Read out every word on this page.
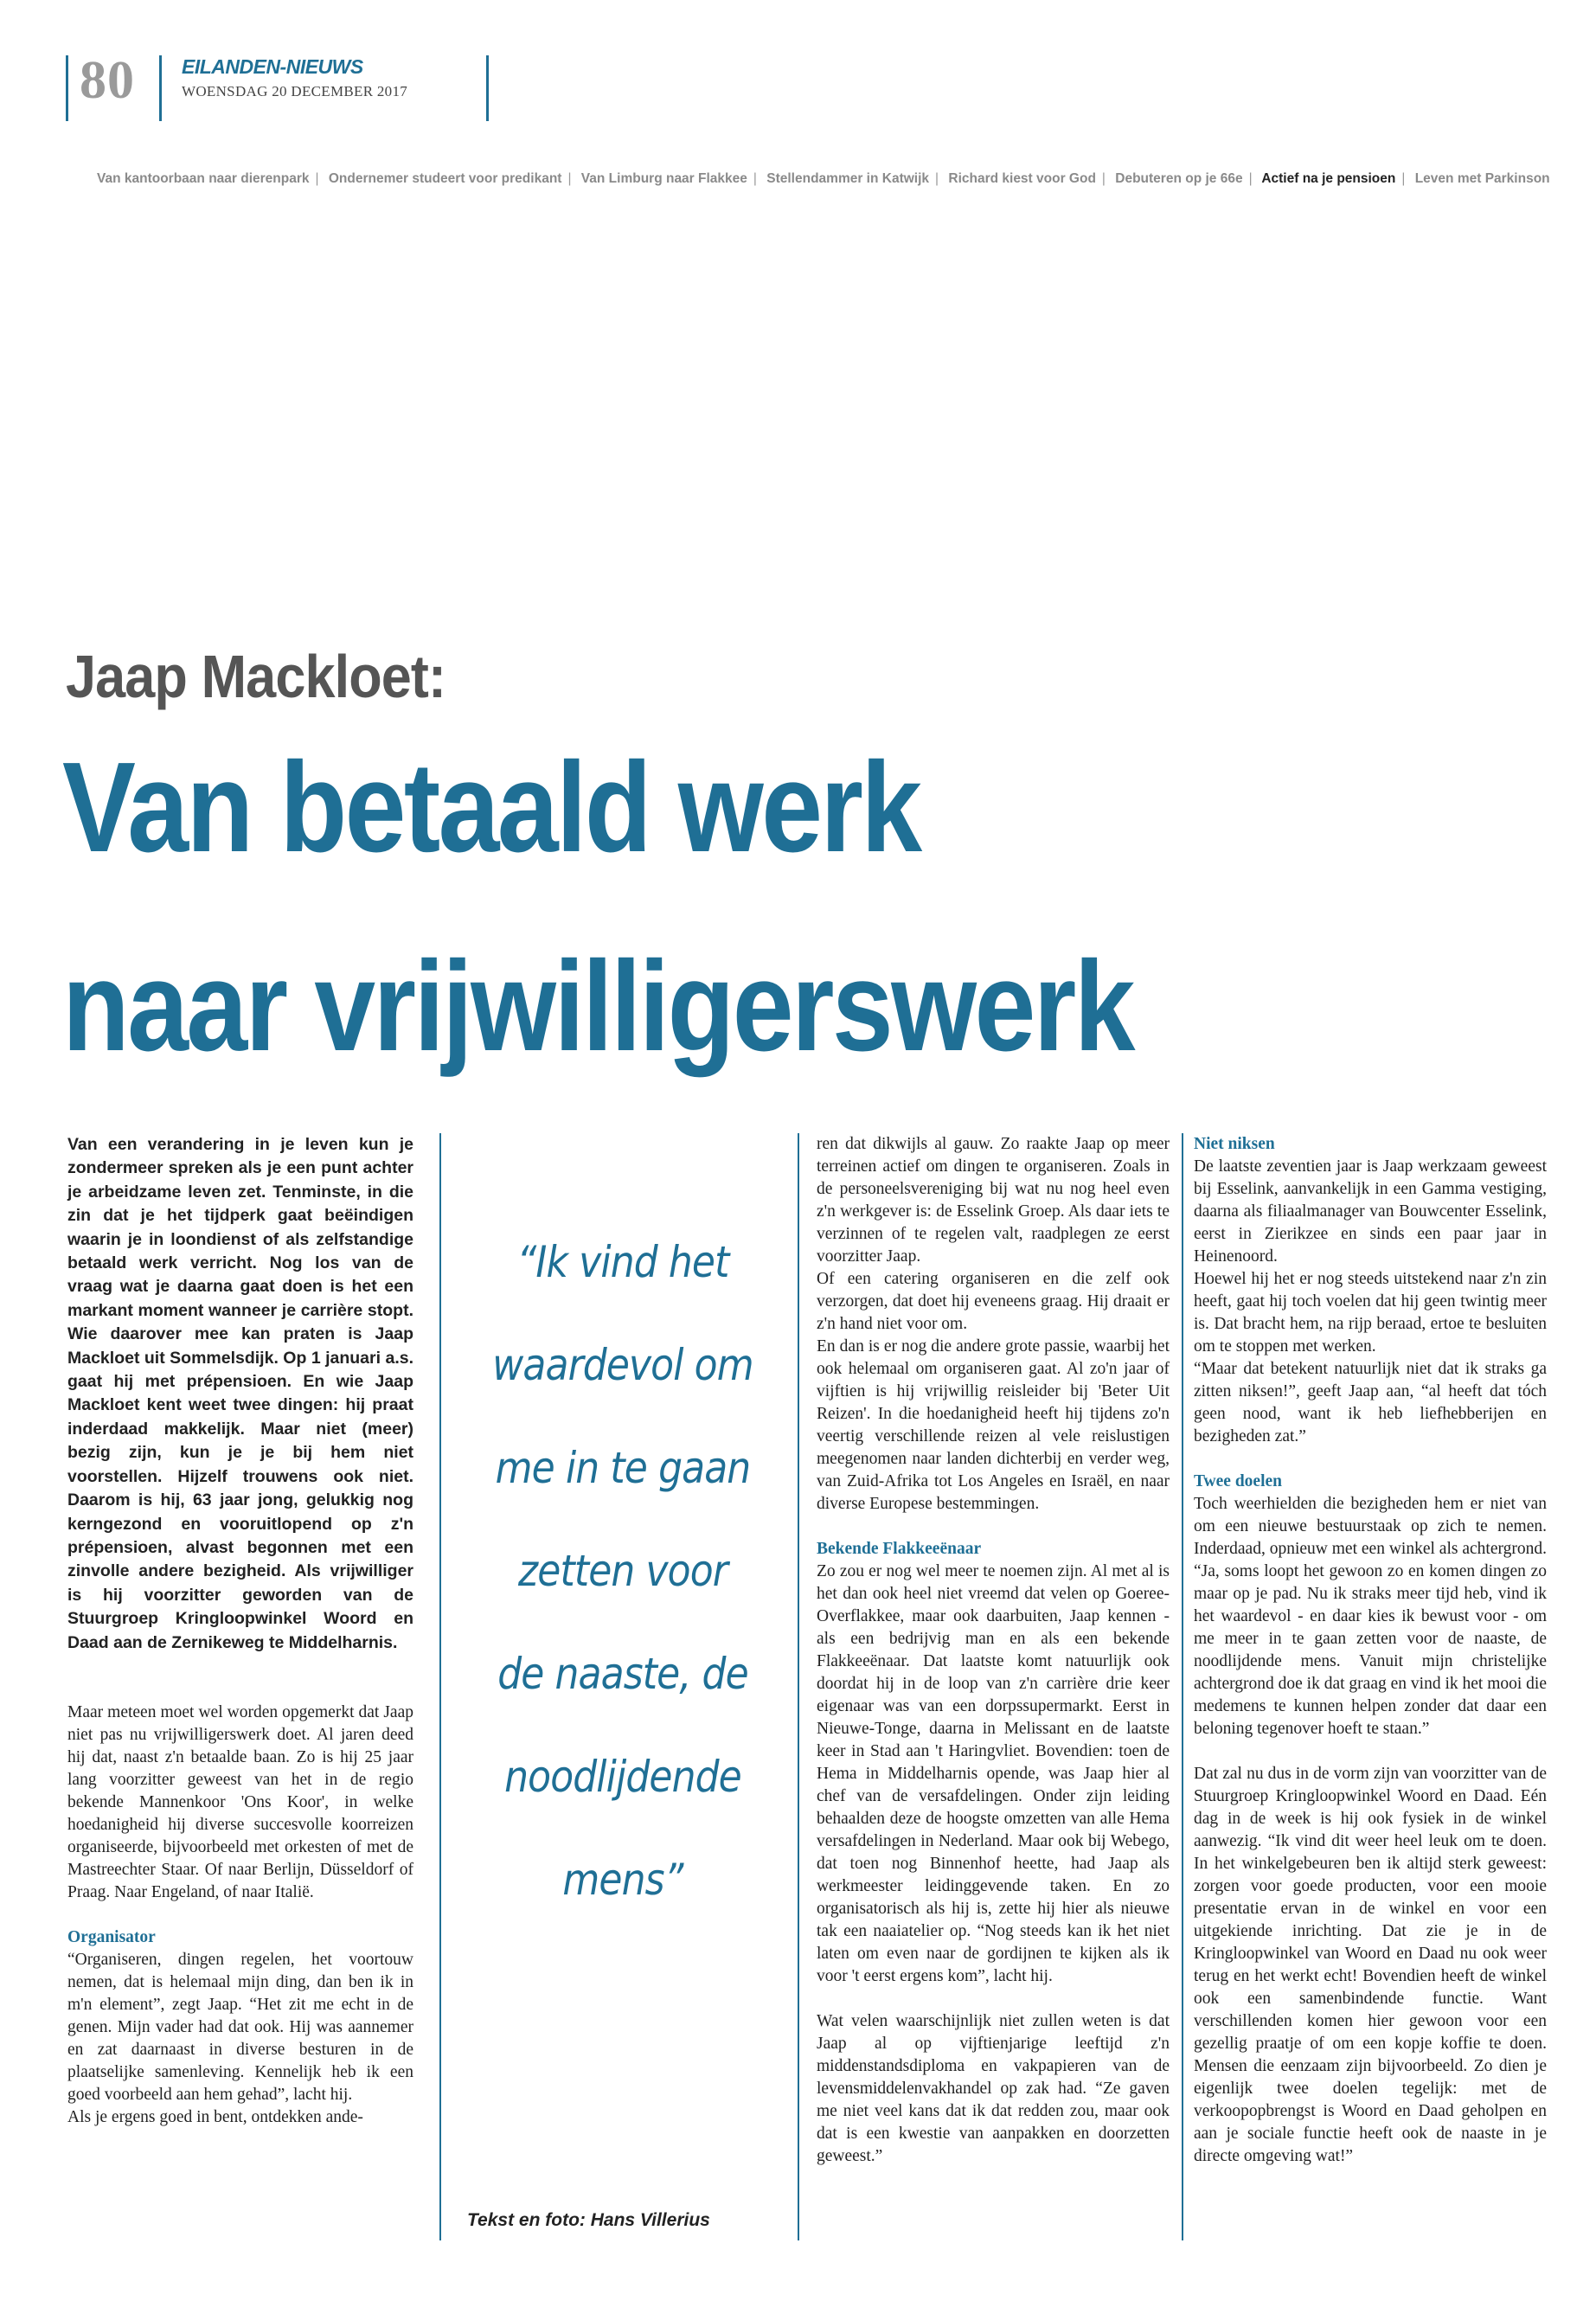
80	EILANDEN-NIEUWS
WOENSDAG 20 DECEMBER 2017
Van kantoorbaan naar dierenpark | Ondernemer studeert voor predikant | Van Limburg naar Flakkee | Stellendammer in Katwijk | Richard kiest voor God | Debuteren op je 66e | Actief na je pensioen | Leven met Parkinson
Jaap Mackloet:
Van betaald werk
naar vrijwilligerswerk

Van een verandering in je leven kun je zondermeer spreken als je een punt achter je arbeidzame leven zet. Tenminste, in die zin dat je het tijdperk gaat beëindigen waarin je in loondienst of als zelfstandige betaald werk verricht. Nog los van de vraag wat je daarna gaat doen is het een markant moment wanneer je carrière stopt. Wie daarover mee kan praten is Jaap Mackloet uit Sommelsdijk. Op 1 januari a.s. gaat hij met prépensioen. En wie Jaap Mackloet kent weet twee dingen: hij praat inderdaad makkelijk. Maar niet (meer) bezig zijn, kun je je bij hem niet voorstellen. Hijzelf trouwens ook niet. Daarom is hij, 63 jaar jong, gelukkig nog kerngezond en vooruitlopend op z'n prépensioen, alvast begonnen met een zinvolle andere bezigheid. Als vrijwilliger is hij voorzitter geworden van de Stuurgroep Kringloopwinkel Woord en Daad aan de Zernikeweg te Middelharnis.

Maar meteen moet wel worden opgemerkt dat Jaap niet pas nu vrijwilligerswerk doet. Al jaren deed hij dat, naast z'n betaalde baan. Zo is hij 25 jaar lang voorzitter geweest van het in de regio bekende Mannenkoor 'Ons Koor', in welke hoedanigheid hij diverse succesvolle koorreizen organiseerde, bijvoorbeeld met orkesten of met de Mastreechter Staar. Of naar Berlijn, Düsseldorf of Praag. Naar Engeland, of naar Italië.

Organisator

“Organiseren, dingen regelen, het voortouw nemen, dat is helemaal mijn ding, dan ben ik in m'n element”, zegt Jaap. “Het zit me echt in de genen. Mijn vader had dat ook. Hij was aannemer en zat daarnaast in diverse besturen in de plaatselijke samenleving. Kennelijk heb ik een goed voorbeeld aan hem gehad”, lacht hij.

Als je ergens goed in bent, ontdekken ande-

“Ik vind het
waardevol om
me in te gaan
zetten voor
de naaste, de
noodlijdende
mens”
Tekst en foto: Hans Villerius

ren dat dikwijls al gauw. Zo raakte Jaap op meer terreinen actief om dingen te organiseren. Zoals in de personeelsvereniging bij wat nu nog heel even z'n werkgever is: de Esselink Groep. Als daar iets te verzinnen of te regelen valt, raadplegen ze eerst voorzitter Jaap.

Of een catering organiseren en die zelf ook verzorgen, dat doet hij eveneens graag. Hij draait er z'n hand niet voor om.

En dan is er nog die andere grote passie, waarbij het ook helemaal om organiseren gaat. Al zo'n jaar of vijftien is hij vrijwillig reisleider bij 'Beter Uit Reizen'. In die hoedanigheid heeft hij tijdens zo'n veertig verschillende reizen al vele reislustigen meegenomen naar landen dichterbij en verder weg, van Zuid-Afrika tot Los Angeles en Israël, en naar diverse Europese bestemmingen.

Bekende Flakkeeënaar

Zo zou er nog wel meer te noemen zijn. Al met al is het dan ook heel niet vreemd dat velen op Goeree-Overflakkee, maar ook daarbuiten, Jaap kennen - als een bedrijvig man en als een bekende Flakkeeënaar. Dat laatste komt natuurlijk ook doordat hij in de loop van z'n carrière drie keer eigenaar was van een dorpssupermarkt. Eerst in Nieuwe-Tonge, daarna in Melissant en de laatste keer in Stad aan 't Haringvliet. Bovendien: toen de Hema in Middelharnis opende, was Jaap hier al chef van de versafdelingen. Onder zijn leiding behaalden deze de hoogste omzetten van alle Hema versafdelingen in Nederland. Maar ook bij Webego, dat toen nog Binnenhof heette, had Jaap als werkmeester leidinggevende taken. En zo organisatorisch als hij is, zette hij hier als nieuwe tak een naaiatelier op. “Nog steeds kan ik het niet laten om even naar de gordijnen te kijken als ik voor 't eerst ergens kom”, lacht hij.

Wat velen waarschijnlijk niet zullen weten is dat Jaap al op vijftienjarige leeftijd z'n middenstandsdiploma en vakpapieren van de levensmiddelenvakhandel op zak had. “Ze gaven me niet veel kans dat ik dat redden zou, maar ook dat is een kwestie van aanpakken en doorzetten geweest.”

Niet niksen

De laatste zeventien jaar is Jaap werkzaam geweest bij Esselink, aanvankelijk in een Gamma vestiging, daarna als filiaalmanager van Bouwcenter Esselink, eerst in Zierikzee en sinds een paar jaar in Heinenoord.

Hoewel hij het er nog steeds uitstekend naar z'n zin heeft, gaat hij toch voelen dat hij geen twintig meer is. Dat bracht hem, na rijp beraad, ertoe te besluiten om te stoppen met werken.

“Maar dat betekent natuurlijk niet dat ik straks ga zitten niksen!”, geeft Jaap aan, “al heeft dat tóch geen nood, want ik heb liefhebberijen en bezigheden zat.”

Twee doelen

Toch weerhielden die bezigheden hem er niet van om een nieuwe bestuurstaak op zich te nemen. Inderdaad, opnieuw met een winkel als achtergrond. “Ja, soms loopt het gewoon zo en komen dingen zo maar op je pad. Nu ik straks meer tijd heb, vind ik het waardevol - en daar kies ik bewust voor - om me meer in te gaan zetten voor de naaste, de noodlijdende mens. Vanuit mijn christelijke achtergrond doe ik dat graag en vind ik het mooi die medemens te kunnen helpen zonder dat daar een beloning tegenover hoeft te staan.”

Dat zal nu dus in de vorm zijn van voorzitter van de Stuurgroep Kringloopwinkel Woord en Daad. Eén dag in de week is hij ook fysiek in de winkel aanwezig. “Ik vind dit weer heel leuk om te doen. In het winkelgebeuren ben ik altijd sterk geweest: zorgen voor goede producten, voor een mooie presentatie ervan in de winkel en voor een uitgekiende inrichting. Dat zie je in de Kringloopwinkel van Woord en Daad nu ook weer terug en het werkt echt! Bovendien heeft de winkel ook een samenbindende functie. Want verschillenden komen hier gewoon voor een gezellig praatje of om een kopje koffie te doen. Mensen die eenzaam zijn bijvoorbeeld. Zo dien je eigenlijk twee doelen tegelijk: met de verkoopopbrengst is Woord en Daad geholpen en aan je sociale functie heeft ook de naaste in je directe omgeving wat!”
